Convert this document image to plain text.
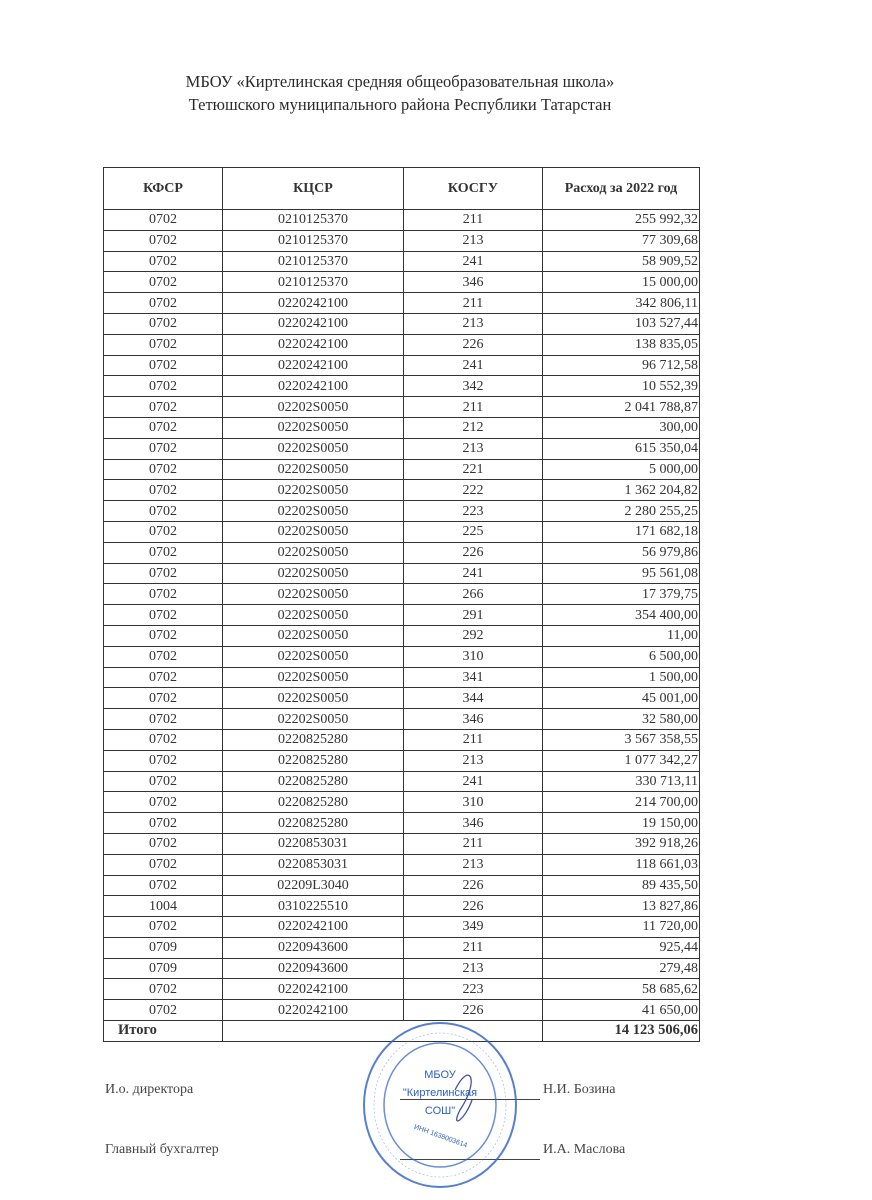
МБОУ «Киртелинская средняя общеобразовательная школа»
Тетюшского муниципального района Республики Татарстан
КФСР	КЦСР	КОСГУ	Расход за 2022 год
0702	0210125370	211	255 992,32
0702	0210125370	213	77 309,68
0702	0210125370	241	58 909,52
0702	0210125370	346	15 000,00
0702	0220242100	211	342 806,11
0702	0220242100	213	103 527,44
0702	0220242100	226	138 835,05
0702	0220242100	241	96 712,58
0702	0220242100	342	10 552,39
0702	02202S0050	211	2 041 788,87
0702	02202S0050	212	300,00
0702	02202S0050	213	615 350,04
0702	02202S0050	221	5 000,00
0702	02202S0050	222	1 362 204,82
0702	02202S0050	223	2 280 255,25
0702	02202S0050	225	171 682,18
0702	02202S0050	226	56 979,86
0702	02202S0050	241	95 561,08
0702	02202S0050	266	17 379,75
0702	02202S0050	291	354 400,00
0702	02202S0050	292	11,00
0702	02202S0050	310	6 500,00
0702	02202S0050	341	1 500,00
0702	02202S0050	344	45 001,00
0702	02202S0050	346	32 580,00
0702	0220825280	211	3 567 358,55
0702	0220825280	213	1 077 342,27
0702	0220825280	241	330 713,11
0702	0220825280	310	214 700,00
0702	0220825280	346	19 150,00
0702	0220853031	211	392 918,26
0702	0220853031	213	118 661,03
0702	02209L3040	226	89 435,50
1004	0310225510	226	13 827,86
0702	0220242100	349	11 720,00
0709	0220943600	211	925,44
0709	0220943600	213	279,48
0702	0220242100	223	58 685,62
0702	0220242100	226	41 650,00
Итого			14 123 506,06
И.о. директора	Н.И. Бозина
Главный бухгалтер	И.А. Маслова
МБОУ
"Киртелинская
СОШ"
ИНН 1638003614
